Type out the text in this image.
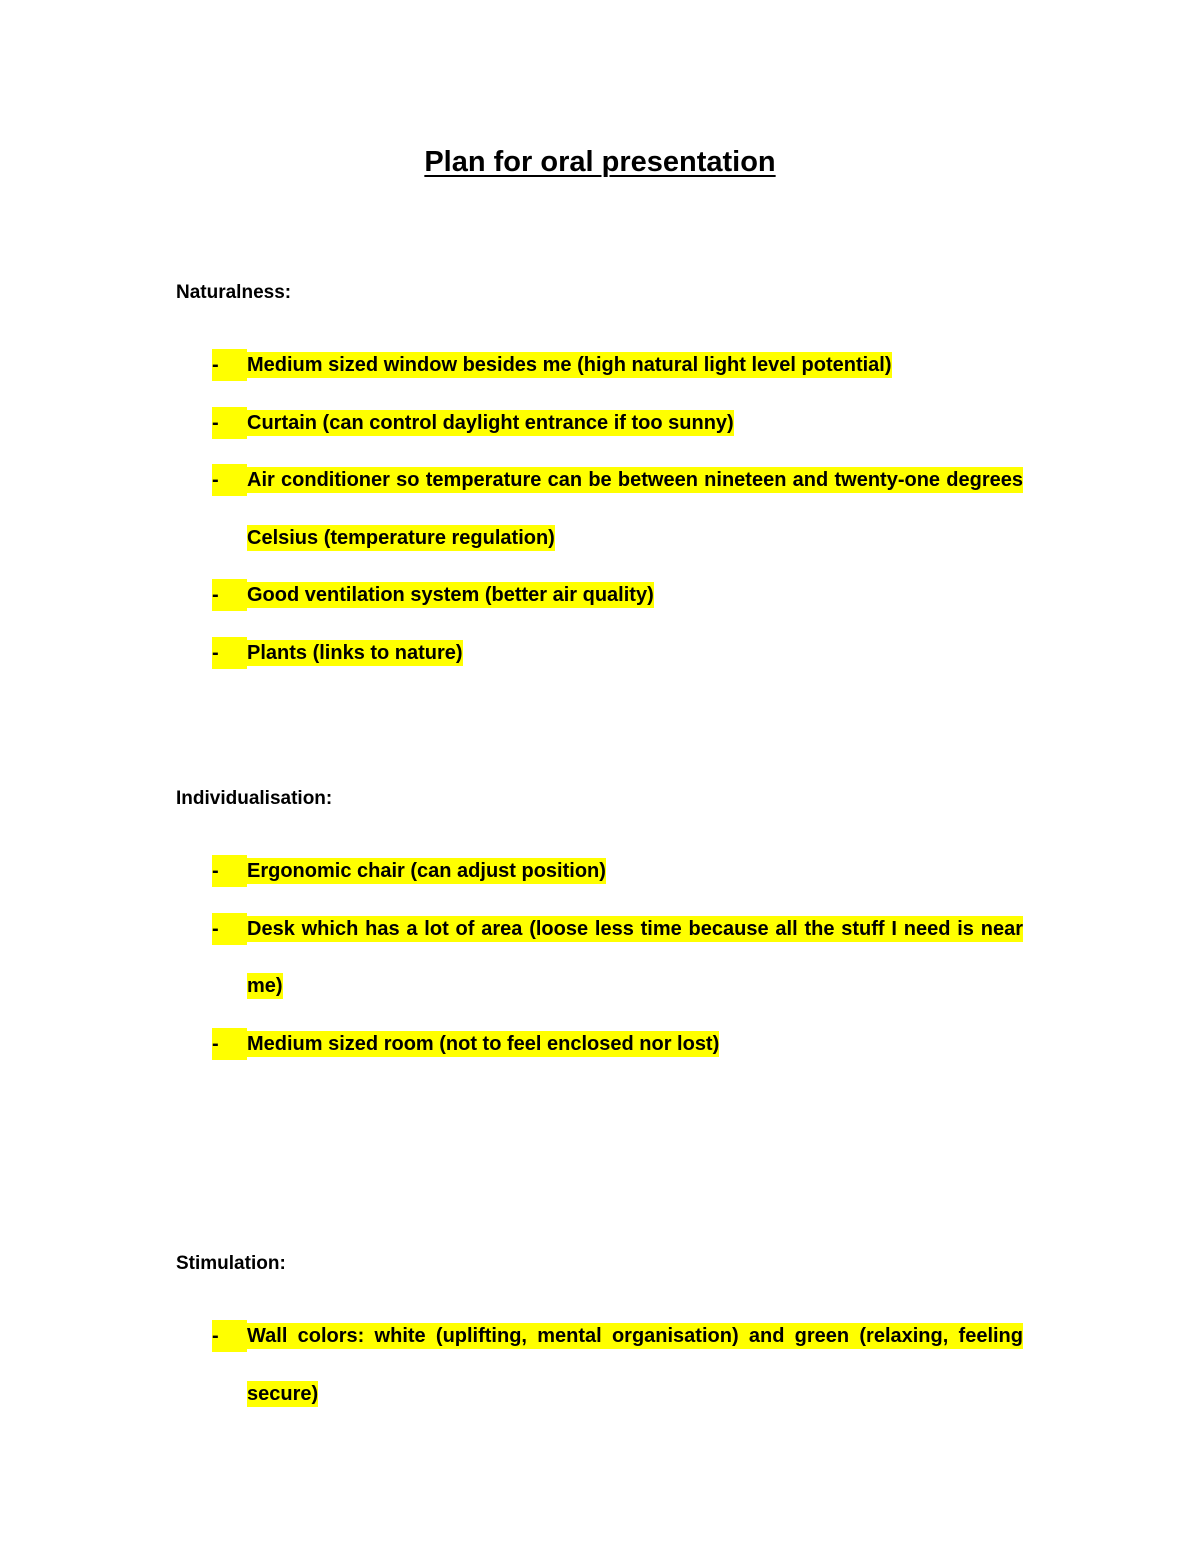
Plan for oral presentation
Naturalness:
-	Medium sized window besides me (high natural light level potential)
-	Curtain (can control daylight entrance if too sunny)
-	Air conditioner so temperature can be between nineteen and twenty-one degrees Celsius (temperature regulation)
-	Good ventilation system (better air quality)
-	Plants (links to nature)
Individualisation:
-	Ergonomic chair (can adjust position)
-	Desk which has a lot of area (loose less time because all the stuff I need is near me)
-	Medium sized room (not to feel enclosed nor lost)
Stimulation:
-	Wall colors: white (uplifting, mental organisation) and green (relaxing, feeling secure)
